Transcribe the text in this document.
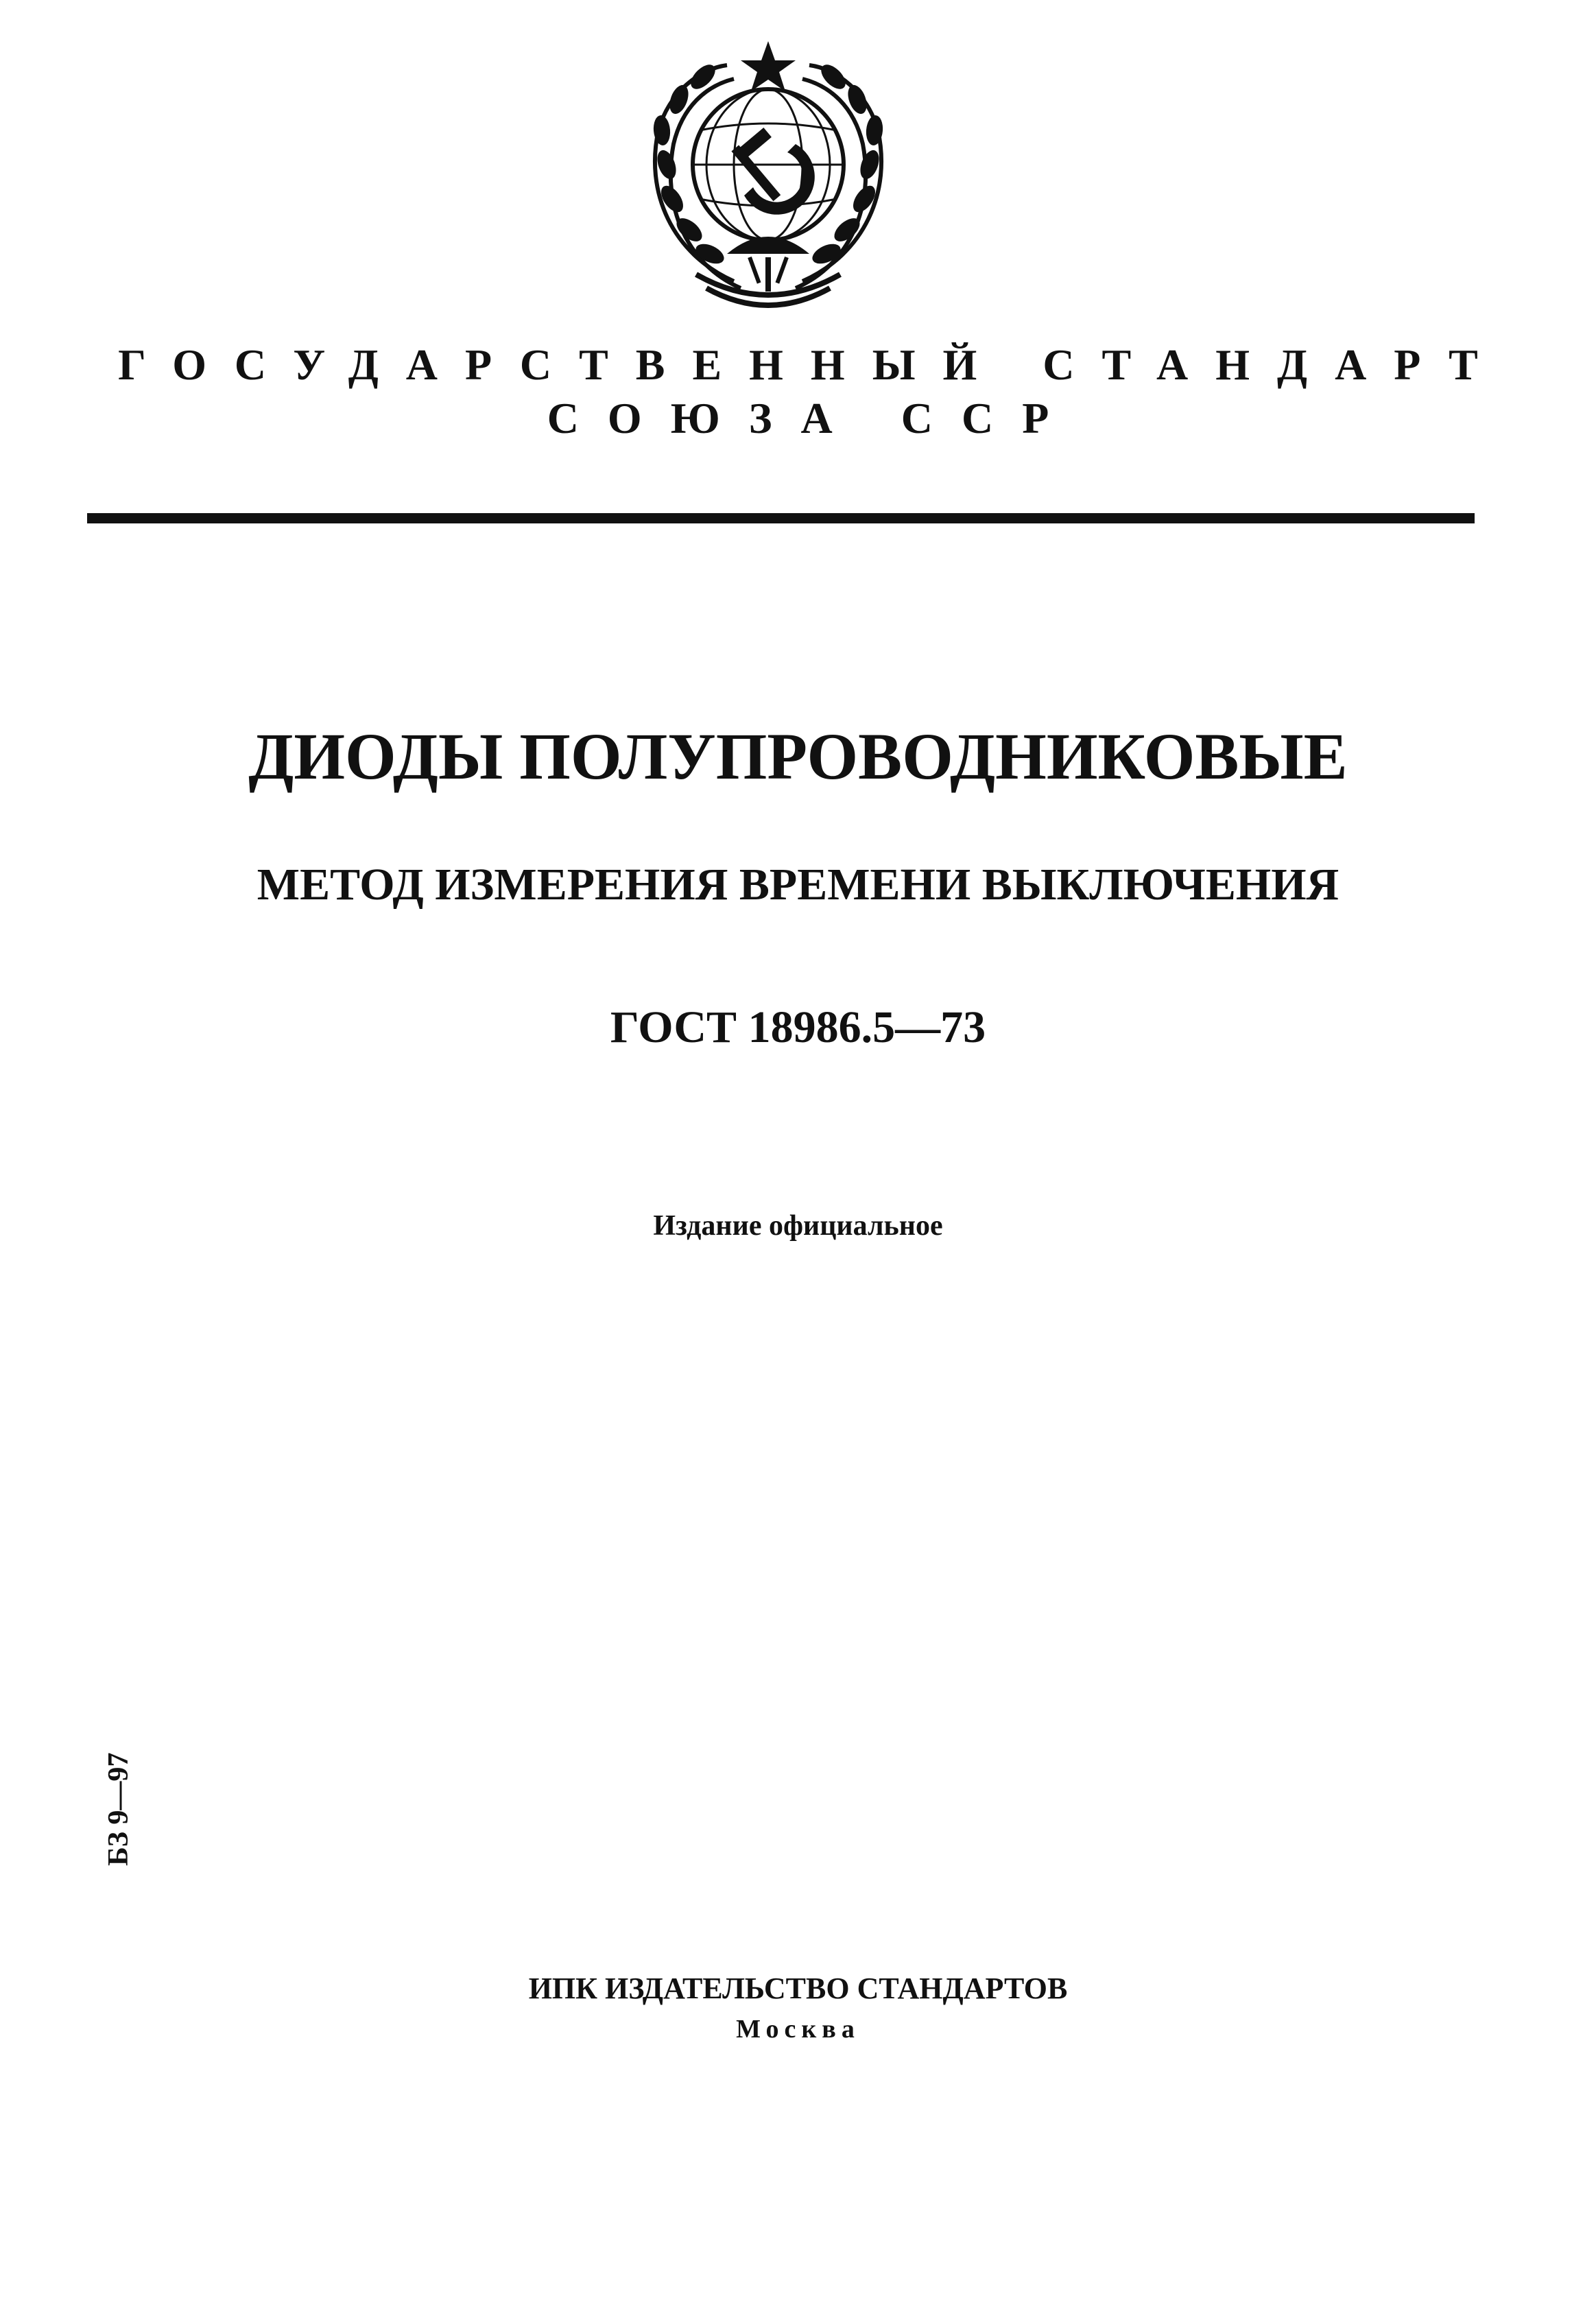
ГОСУДАРСТВЕННЫЙ СТАНДАРТ
СОЮЗА ССР
ДИОДЫ ПОЛУПРОВОДНИКОВЫЕ
МЕТОД ИЗМЕРЕНИЯ ВРЕМЕНИ ВЫКЛЮЧЕНИЯ
ГОСТ 18986.5—73
Издание официальное
БЗ 9—97
ИПК ИЗДАТЕЛЬСТВО СТАНДАРТОВ
Москва
